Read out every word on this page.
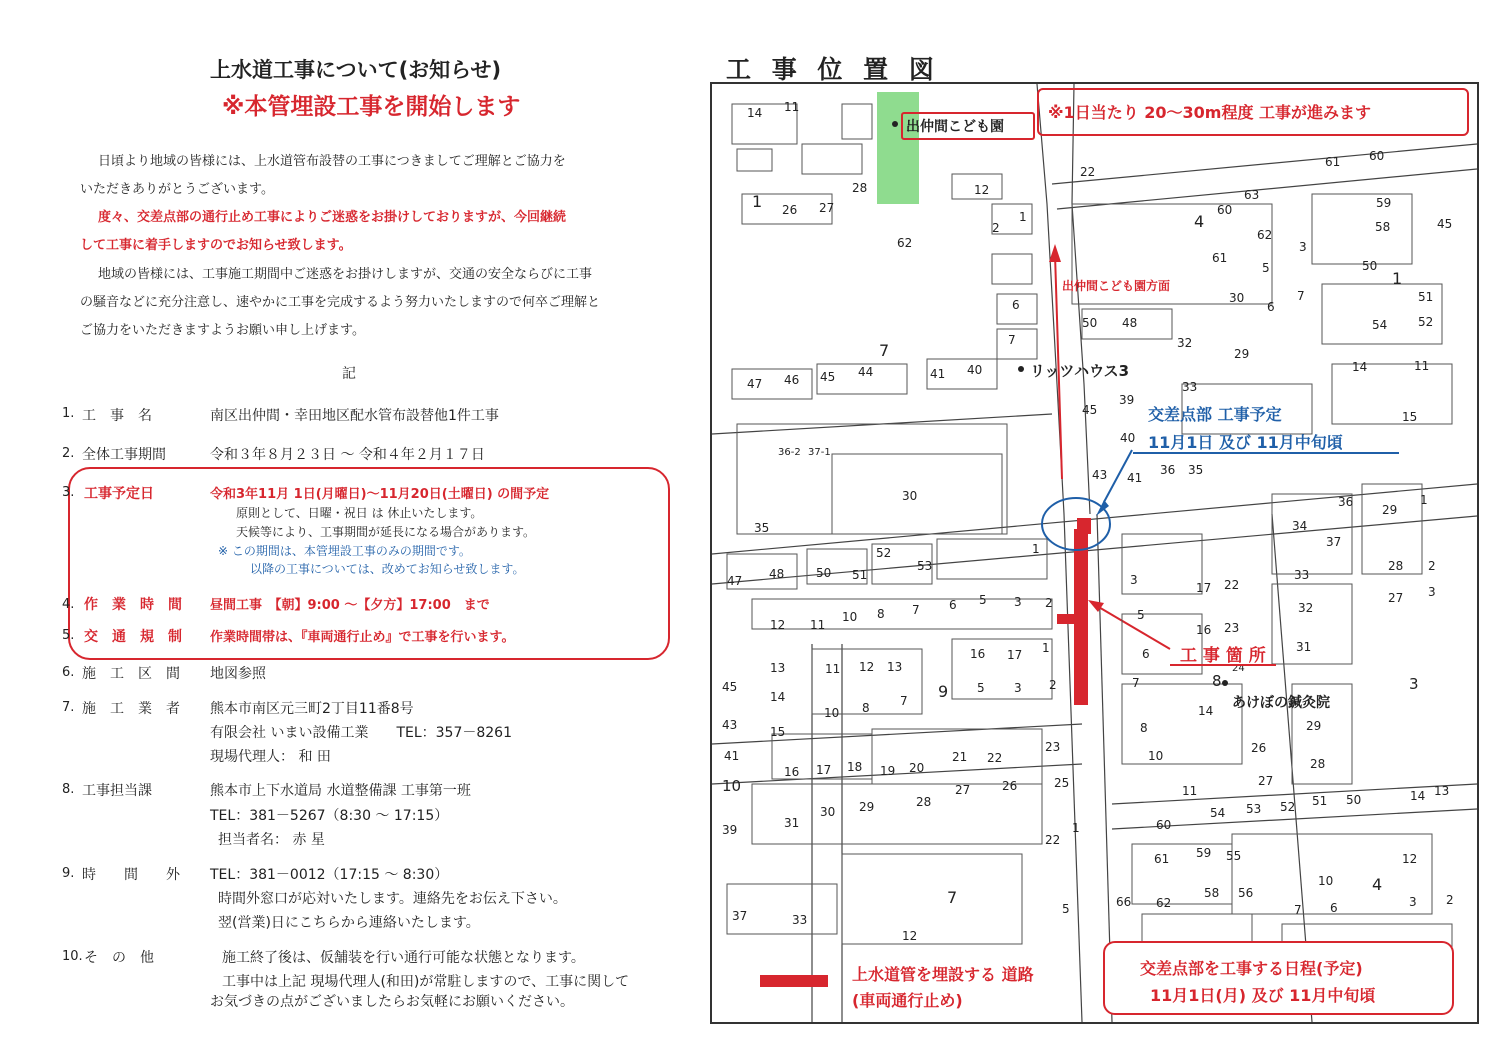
上水道工事について(お知らせ)
※本管埋設工事を開始します
日頃より地域の皆様には、上水道管布設替の工事につきましてご理解とご協力を
いただきありがとうございます。
度々、交差点部の通行止め工事によりご迷惑をお掛けしておりますが、今回継続
して工事に着手しますのでお知らせ致します。
地域の皆様には、工事施工期間中ご迷惑をお掛けしますが、交通の安全ならびに工事
の騒音などに充分注意し、速やかに工事を完成するよう努力いたしますので何卒ご理解と
ご協力をいただきますようお願い申し上げます。
記
1. 工　事　名	南区出仲間・幸田地区配水管布設替他1件工事
2. 全体工事期間	令和３年８月２３日 ～ 令和４年２月１７日
3. 工事予定日	令和3年11月 1日(月曜日)～11月20日(土曜日) の間予定
原則として、日曜・祝日 は 休止いたします。
天候等により、工事期間が延長になる場合があります。
※ この期間は、本管埋設工事のみの期間です。
以降の工事については、改めてお知らせ致します。
4. 作　業　時　間 昼間工事　【朝】9:00 ～【夕方】17:00　まで
5. 交　通　規　制 作業時間帯は、『車両通行止め』で工事を行います。
6. 施　工　区　間 地図参照
7. 施　工　業　者 熊本市南区元三町2丁目11番8号
有限会社 いまい設備工業　　TEL：357－8261
現場代理人： 和 田
8. 工事担当課	熊本市上下水道局 水道整備課 工事第一班
TEL：381－5267（8:30 ～ 17:15）
担当者名： 赤 星
9. 時　　間　　外 TEL：381－0012（17:15 ～ 8:30）
時間外窓口が応対いたします。連絡先をお伝え下さい。
翌(営業)日にこちらから連絡いたします。
10. そ　の　他	施工終了後は、仮舗装を行い通行可能な状態となります。
工事中は上記 現場代理人(和田)が常駐しますので、工事に関して
お気づきの点がございましたらお気軽にお願いください。
工 事 位 置 図
14 11
28
26 27
1
12
2
1
62
6
7
7
22
4
60
63
62
3
61
5
7
30
6
50 48
32
29
61 60
59
58
50
1
45
51
52
54
14	11
47 46 45 44	41 40
45
39
40
43 41
36 35
33
15
36-2 37-1
30
35
47 48	50 51
52
53
12 11
10 8 7 6 5 3 2
1
3
5
6
17 22
16 23
34
37
36
29
1
33
32
31
28
27
2
3
13	11 12 13
16 17 1
10 8	7
5 3 2
9
45
43
41
14
15
10
39
16 17 18 19 20
21 22
23
31
30 29	28
27	26	25
1
22
7
37	33
5
12
7
8
10
11
14
26
27
24
29
28
3
8
54 53 52 51 50	14 13
60
61 59 55
58 56
66 62
10
12
4
7 6	3 2
※1日当たり 20～30m程度 工事が進みます
出仲間こども園
出仲間こども園方面
リッツハウス3
交差点部 工事予定
11月1日 及び 11月中旬頃
工 事 箇 所
あけぼの鍼灸院
上水道管を埋設する 道路
(車両通行止め)
交差点部を工事する日程(予定)
11月1日(月) 及び 11月中旬頃
